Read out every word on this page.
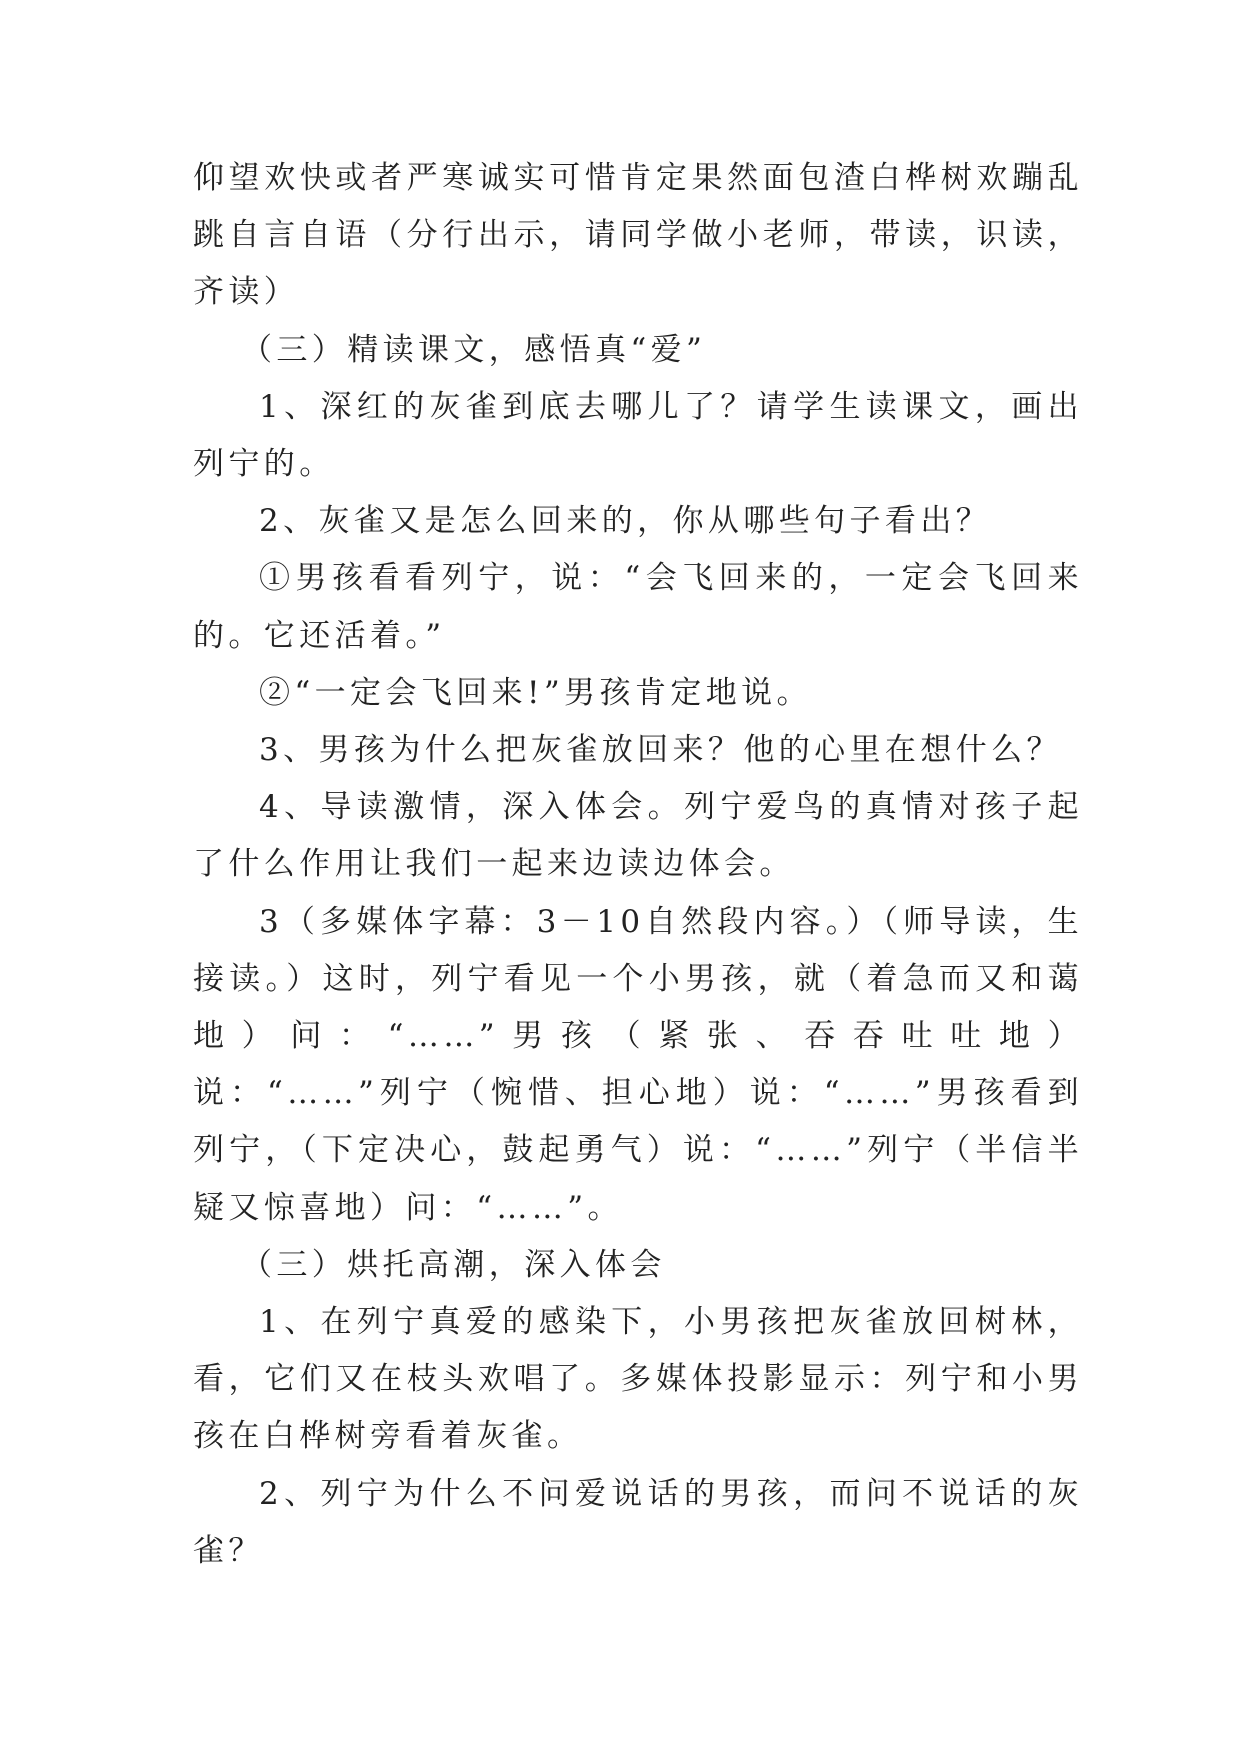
仰望欢快或者严寒诚实可惜肯定果然面包渣白桦树欢蹦乱跳自言自语（分行出示，请同学做小老师，带读，识读，齐读）

（三）精读课文，感悟真“爱”

1、深红的灰雀到底去哪儿了？请学生读课文，画出列宁的。

2、灰雀又是怎么回来的，你从哪些句子看出？

①男孩看看列宁，说：“会飞回来的，一定会飞回来的。它还活着。”

②“一定会飞回来!”男孩肯定地说。

3、男孩为什么把灰雀放回来？他的心里在想什么？

4、导读激情，深入体会。列宁爱鸟的真情对孩子起了什么作用让我们一起来边读边体会。

3（多媒体字幕：3－10自然段内容。）（师导读，生接读。）这时，列宁看见一个小男孩，就（着急而又和蔼地）问：“……”男孩（紧张、吞吞吐吐地）说：“……”列宁（惋惜、担心地）说：“……”男孩看到列宁，（下定决心，鼓起勇气）说：“……”列宁（半信半疑又惊喜地）问：“……”。

（三）烘托高潮，深入体会

1、在列宁真爱的感染下，小男孩把灰雀放回树林，看，它们又在枝头欢唱了。多媒体投影显示：列宁和小男孩在白桦树旁看着灰雀。

2、列宁为什么不问爱说话的男孩，而问不说话的灰雀？
